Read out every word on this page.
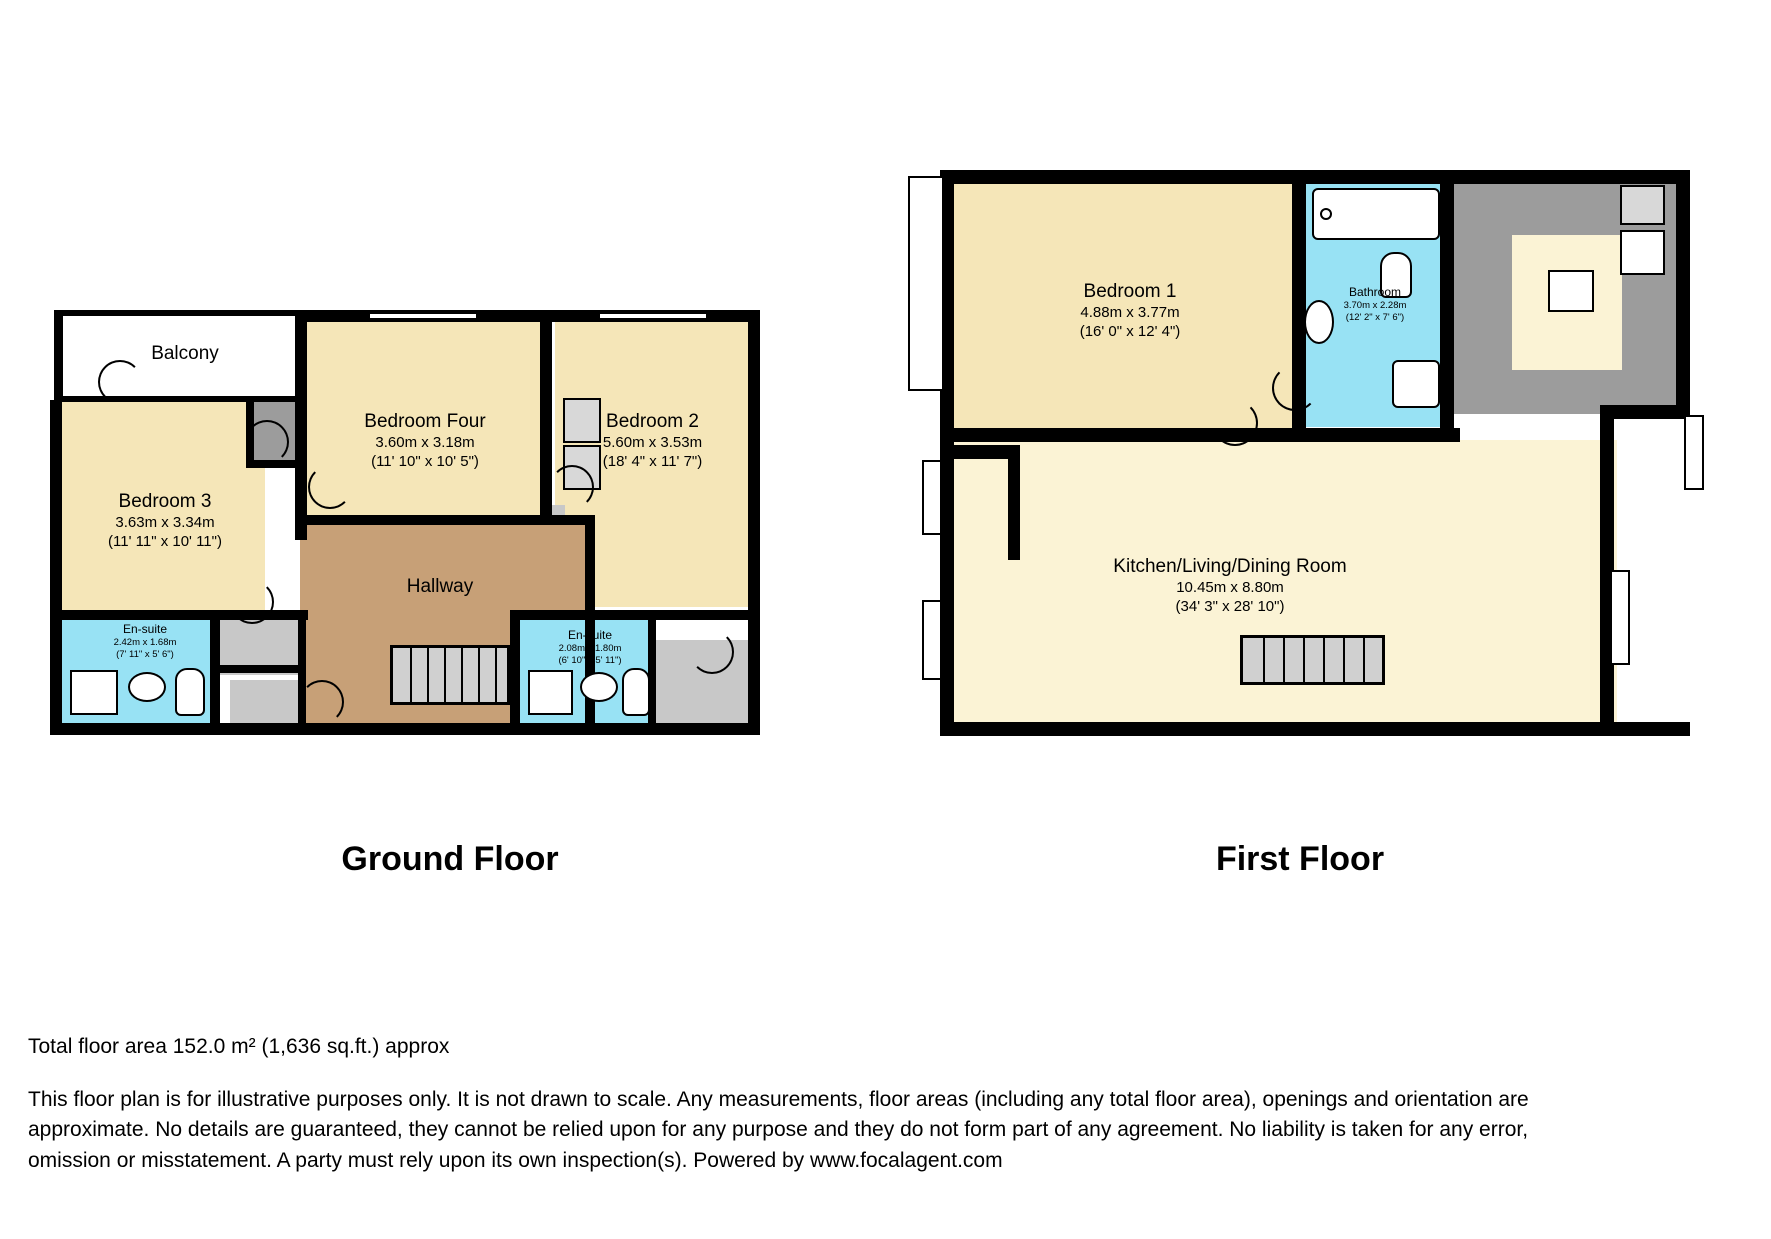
Balcony
Bedroom Four
3.60m x 3.18m
(11' 10" x 10' 5")
Bedroom 2
5.60m x 3.53m
(18' 4" x 11' 7")
Bedroom 3
3.63m x 3.34m
(11' 11" x 10' 11")
Hallway
En-suite
2.42m x 1.68m
(7' 11" x 5' 6")
En-suite
2.08m x 1.80m
(6' 10" x 5' 11")
Ground Floor
Bedroom 1
4.88m x 3.77m
(16' 0" x 12' 4")
Bathroom
3.70m x 2.28m
(12' 2" x 7' 6")
Kitchen/Living/Dining Room
10.45m x 8.80m
(34' 3" x 28' 10")
First Floor
Total floor area 152.0 m² (1,636 sq.ft.) approx
This floor plan is for illustrative purposes only. It is not drawn to scale. Any measurements, floor areas (including any total floor area), openings and orientation are approximate. No details are guaranteed, they cannot be relied upon for any purpose and they do not form part of any agreement. No liability is taken for any error, omission or misstatement. A party must rely upon its own inspection(s). Powered by www.focalagent.com
